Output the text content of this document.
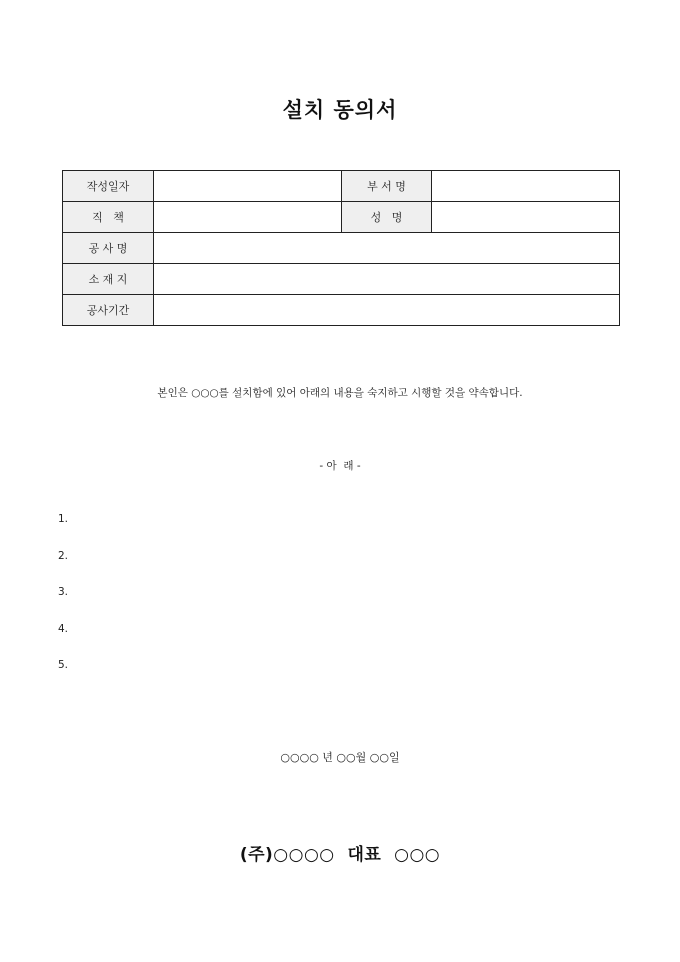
설치 동의서
작성일자		부 서 명	
직   책		성   명	
공 사 명			
소 재 지			
공사기간			
본인은 ○○○를 설치함에 있어 아래의 내용을 숙지하고 시행할 것을 약속합니다.
- 아  래 -
1.
2.
3.
4.
5.
○○○○ 년 ○○월 ○○일
(주)○○○○  대표  ○○○
